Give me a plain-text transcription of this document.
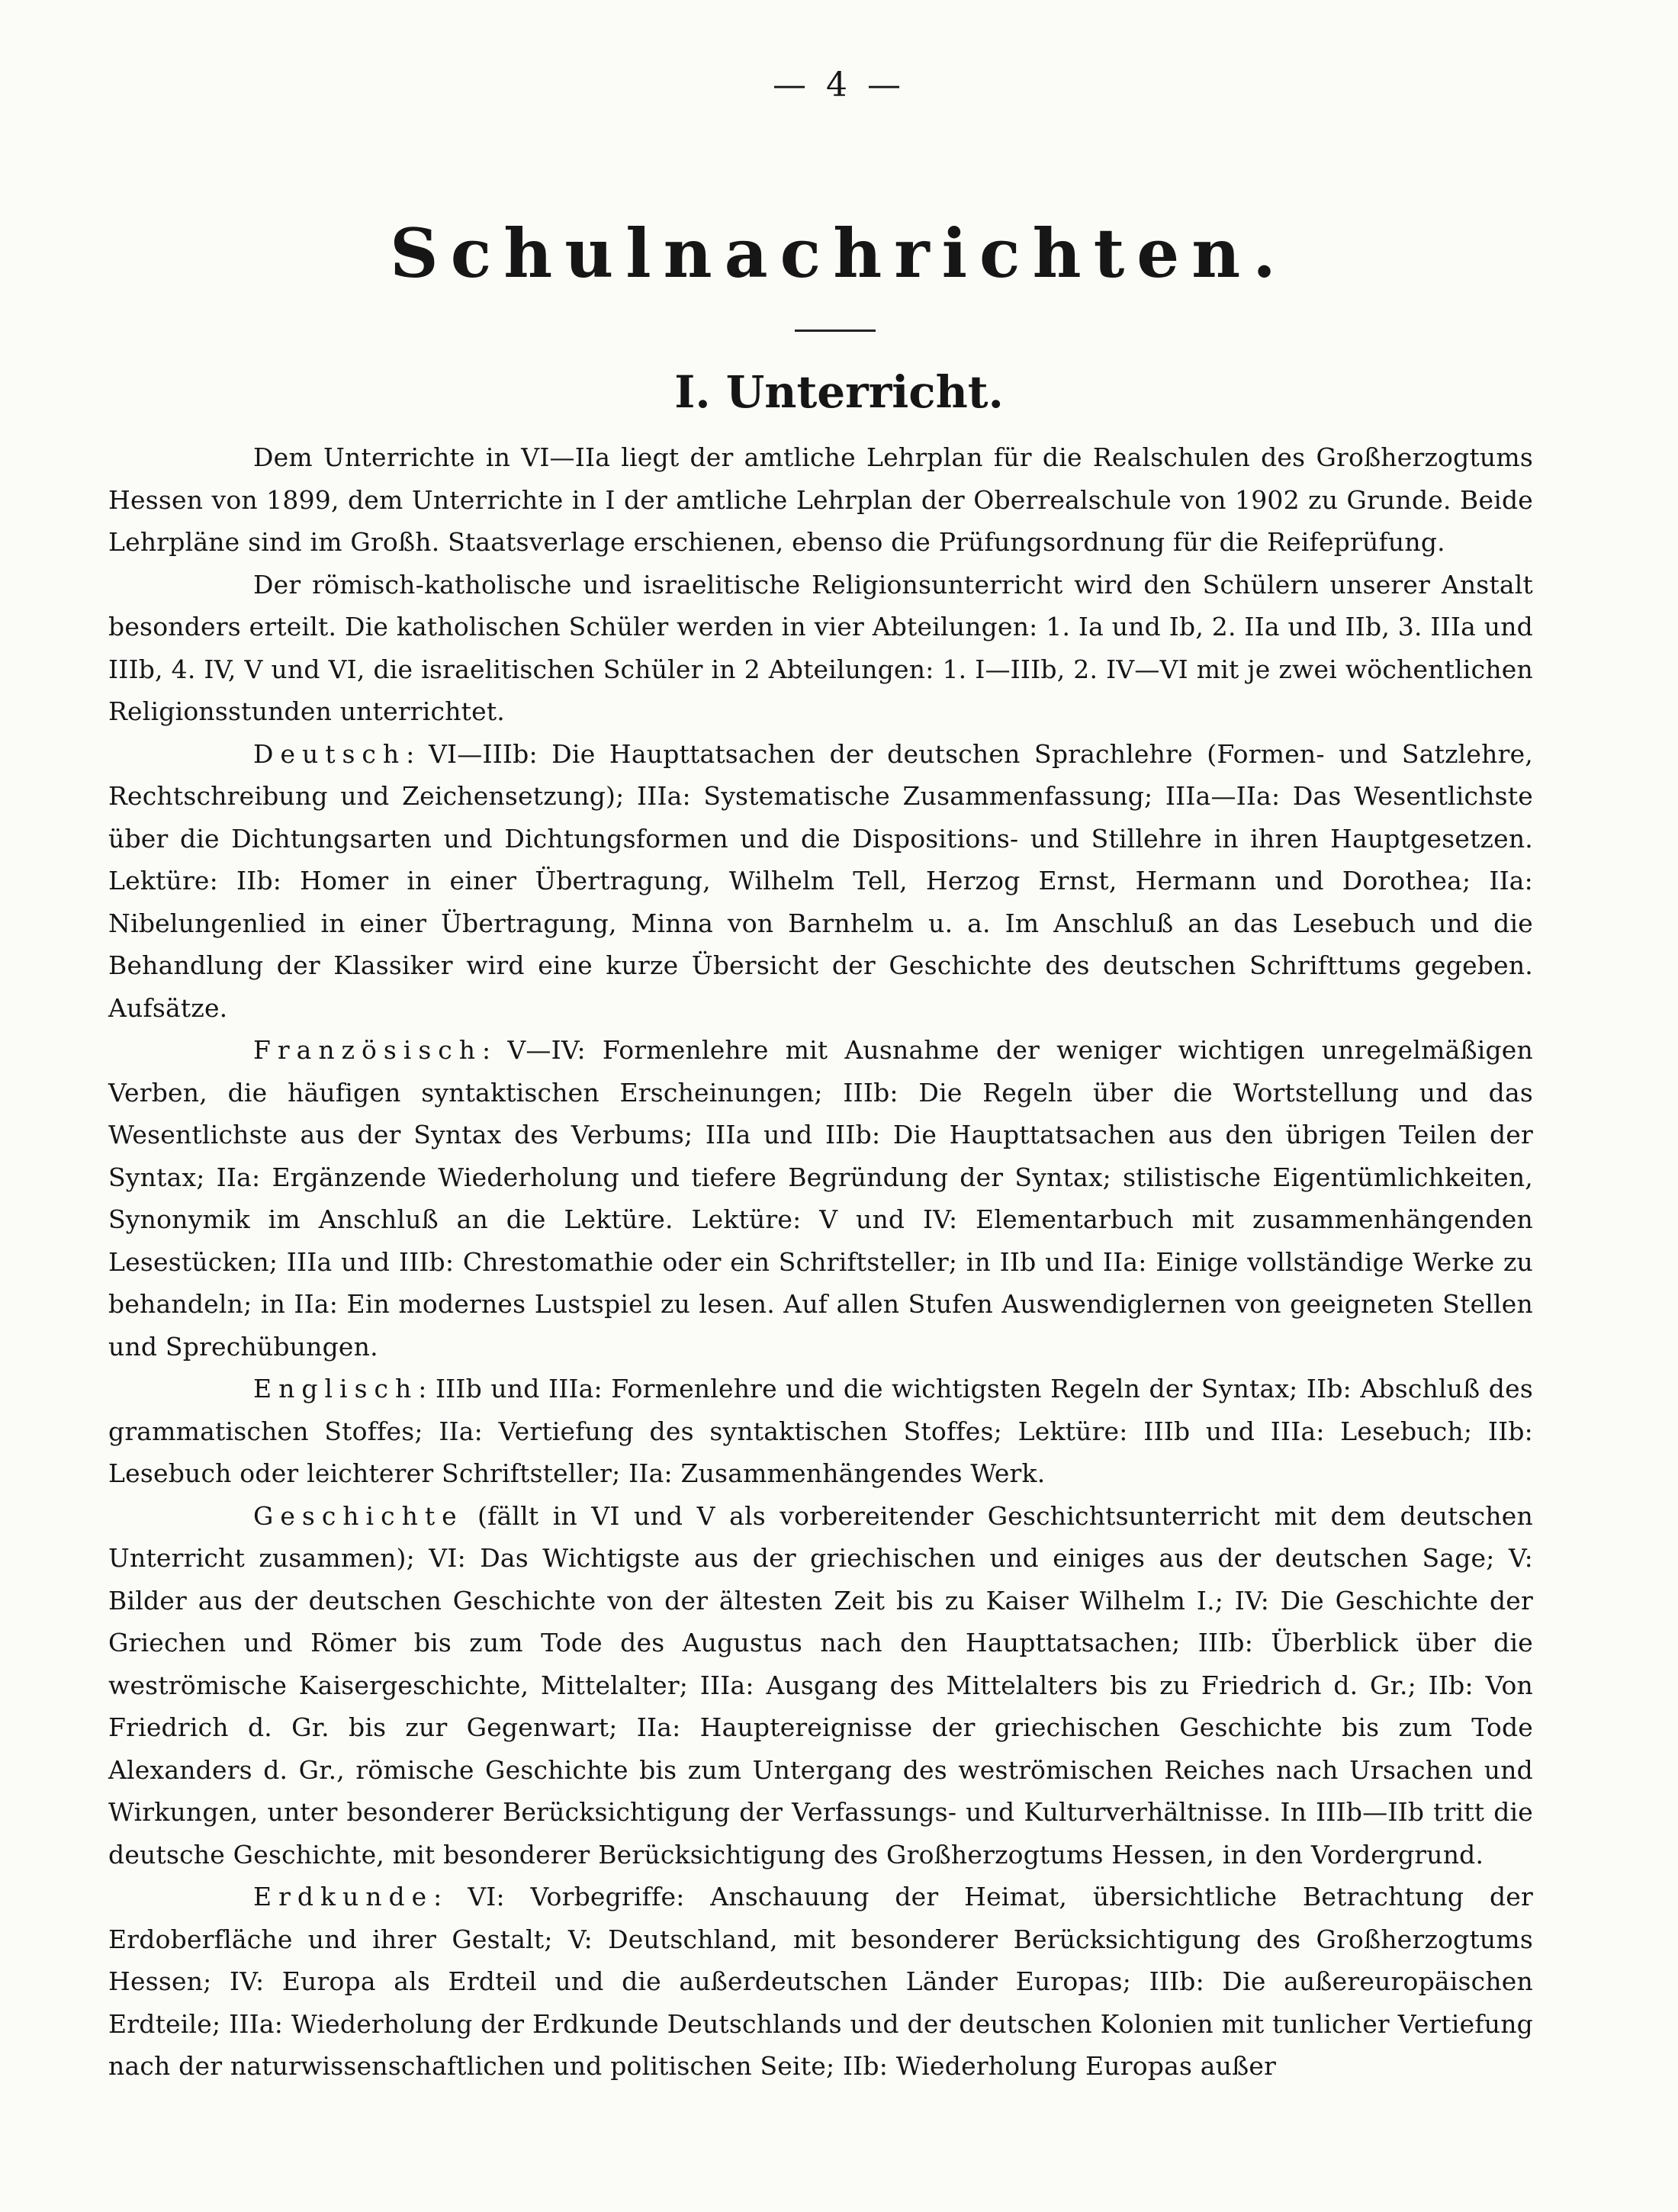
— 4 —
Schulnachrichten.
I. Unterricht.

Dem Unterrichte in VI—IIa liegt der amtliche Lehrplan für die Realschulen des Großherzogtums Hessen von 1899, dem Unterrichte in I der amtliche Lehrplan der Oberrealschule von 1902 zu Grunde. Beide Lehrpläne sind im Großh. Staatsverlage erschienen, ebenso die Prüfungsordnung für die Reifeprüfung.

Der römisch-katholische und israelitische Religionsunterricht wird den Schülern unserer Anstalt besonders erteilt. Die katholischen Schüler werden in vier Abteilungen: 1. Ia und Ib, 2. IIa und IIb, 3. IIIa und IIIb, 4. IV, V und VI, die israelitischen Schüler in 2 Abteilungen: 1. I—IIIb, 2. IV—VI mit je zwei wöchentlichen Religionsstunden unterrichtet.

Deutsch: VI—IIIb: Die Haupttatsachen der deutschen Sprachlehre (Formen- und Satzlehre, Rechtschreibung und Zeichensetzung); IIIa: Systematische Zusammenfassung; IIIa—IIa: Das Wesentlichste über die Dichtungsarten und Dichtungsformen und die Dispositions- und Stillehre in ihren Hauptgesetzen. Lektüre: IIb: Homer in einer Übertragung, Wilhelm Tell, Herzog Ernst, Hermann und Dorothea; IIa: Nibelungenlied in einer Übertragung, Minna von Barnhelm u. a. Im Anschluß an das Lesebuch und die Behandlung der Klassiker wird eine kurze Übersicht der Geschichte des deutschen Schrifttums gegeben. Aufsätze.

Französisch: V—IV: Formenlehre mit Ausnahme der weniger wichtigen unregelmäßigen Verben, die häufigen syntaktischen Erscheinungen; IIIb: Die Regeln über die Wortstellung und das Wesentlichste aus der Syntax des Verbums; IIIa und IIIb: Die Haupttatsachen aus den übrigen Teilen der Syntax; IIa: Ergänzende Wiederholung und tiefere Begründung der Syntax; stilistische Eigentümlichkeiten, Synonymik im Anschluß an die Lektüre. Lektüre: V und IV: Elementarbuch mit zusammenhängenden Lesestücken; IIIa und IIIb: Chrestomathie oder ein Schriftsteller; in IIb und IIa: Einige vollständige Werke zu behandeln; in IIa: Ein modernes Lustspiel zu lesen. Auf allen Stufen Auswendiglernen von geeigneten Stellen und Sprechübungen.

Englisch: IIIb und IIIa: Formenlehre und die wichtigsten Regeln der Syntax; IIb: Abschluß des grammatischen Stoffes; IIa: Vertiefung des syntaktischen Stoffes; Lektüre: IIIb und IIIa: Lesebuch; IIb: Lesebuch oder leichterer Schriftsteller; IIa: Zusammenhängendes Werk.

Geschichte (fällt in VI und V als vorbereitender Geschichtsunterricht mit dem deutschen Unterricht zusammen); VI: Das Wichtigste aus der griechischen und einiges aus der deutschen Sage; V: Bilder aus der deutschen Geschichte von der ältesten Zeit bis zu Kaiser Wilhelm I.; IV: Die Geschichte der Griechen und Römer bis zum Tode des Augustus nach den Haupttatsachen; IIIb: Überblick über die weströmische Kaisergeschichte, Mittelalter; IIIa: Ausgang des Mittelalters bis zu Friedrich d. Gr.; IIb: Von Friedrich d. Gr. bis zur Gegenwart; IIa: Hauptereignisse der griechischen Geschichte bis zum Tode Alexanders d. Gr., römische Geschichte bis zum Untergang des weströmischen Reiches nach Ursachen und Wirkungen, unter besonderer Berücksichtigung der Verfassungs- und Kulturverhältnisse. In IIIb—IIb tritt die deutsche Geschichte, mit besonderer Berücksichtigung des Großherzogtums Hessen, in den Vordergrund.

Erdkunde: VI: Vorbegriffe: Anschauung der Heimat, übersichtliche Betrachtung der Erdoberfläche und ihrer Gestalt; V: Deutschland, mit besonderer Berücksichtigung des Großherzogtums Hessen; IV: Europa als Erdteil und die außerdeutschen Länder Europas; IIIb: Die außereuropäischen Erdteile; IIIa: Wiederholung der Erdkunde Deutschlands und der deutschen Kolonien mit tunlicher Vertiefung nach der naturwissenschaftlichen und politischen Seite; IIb: Wiederholung Europas außer
